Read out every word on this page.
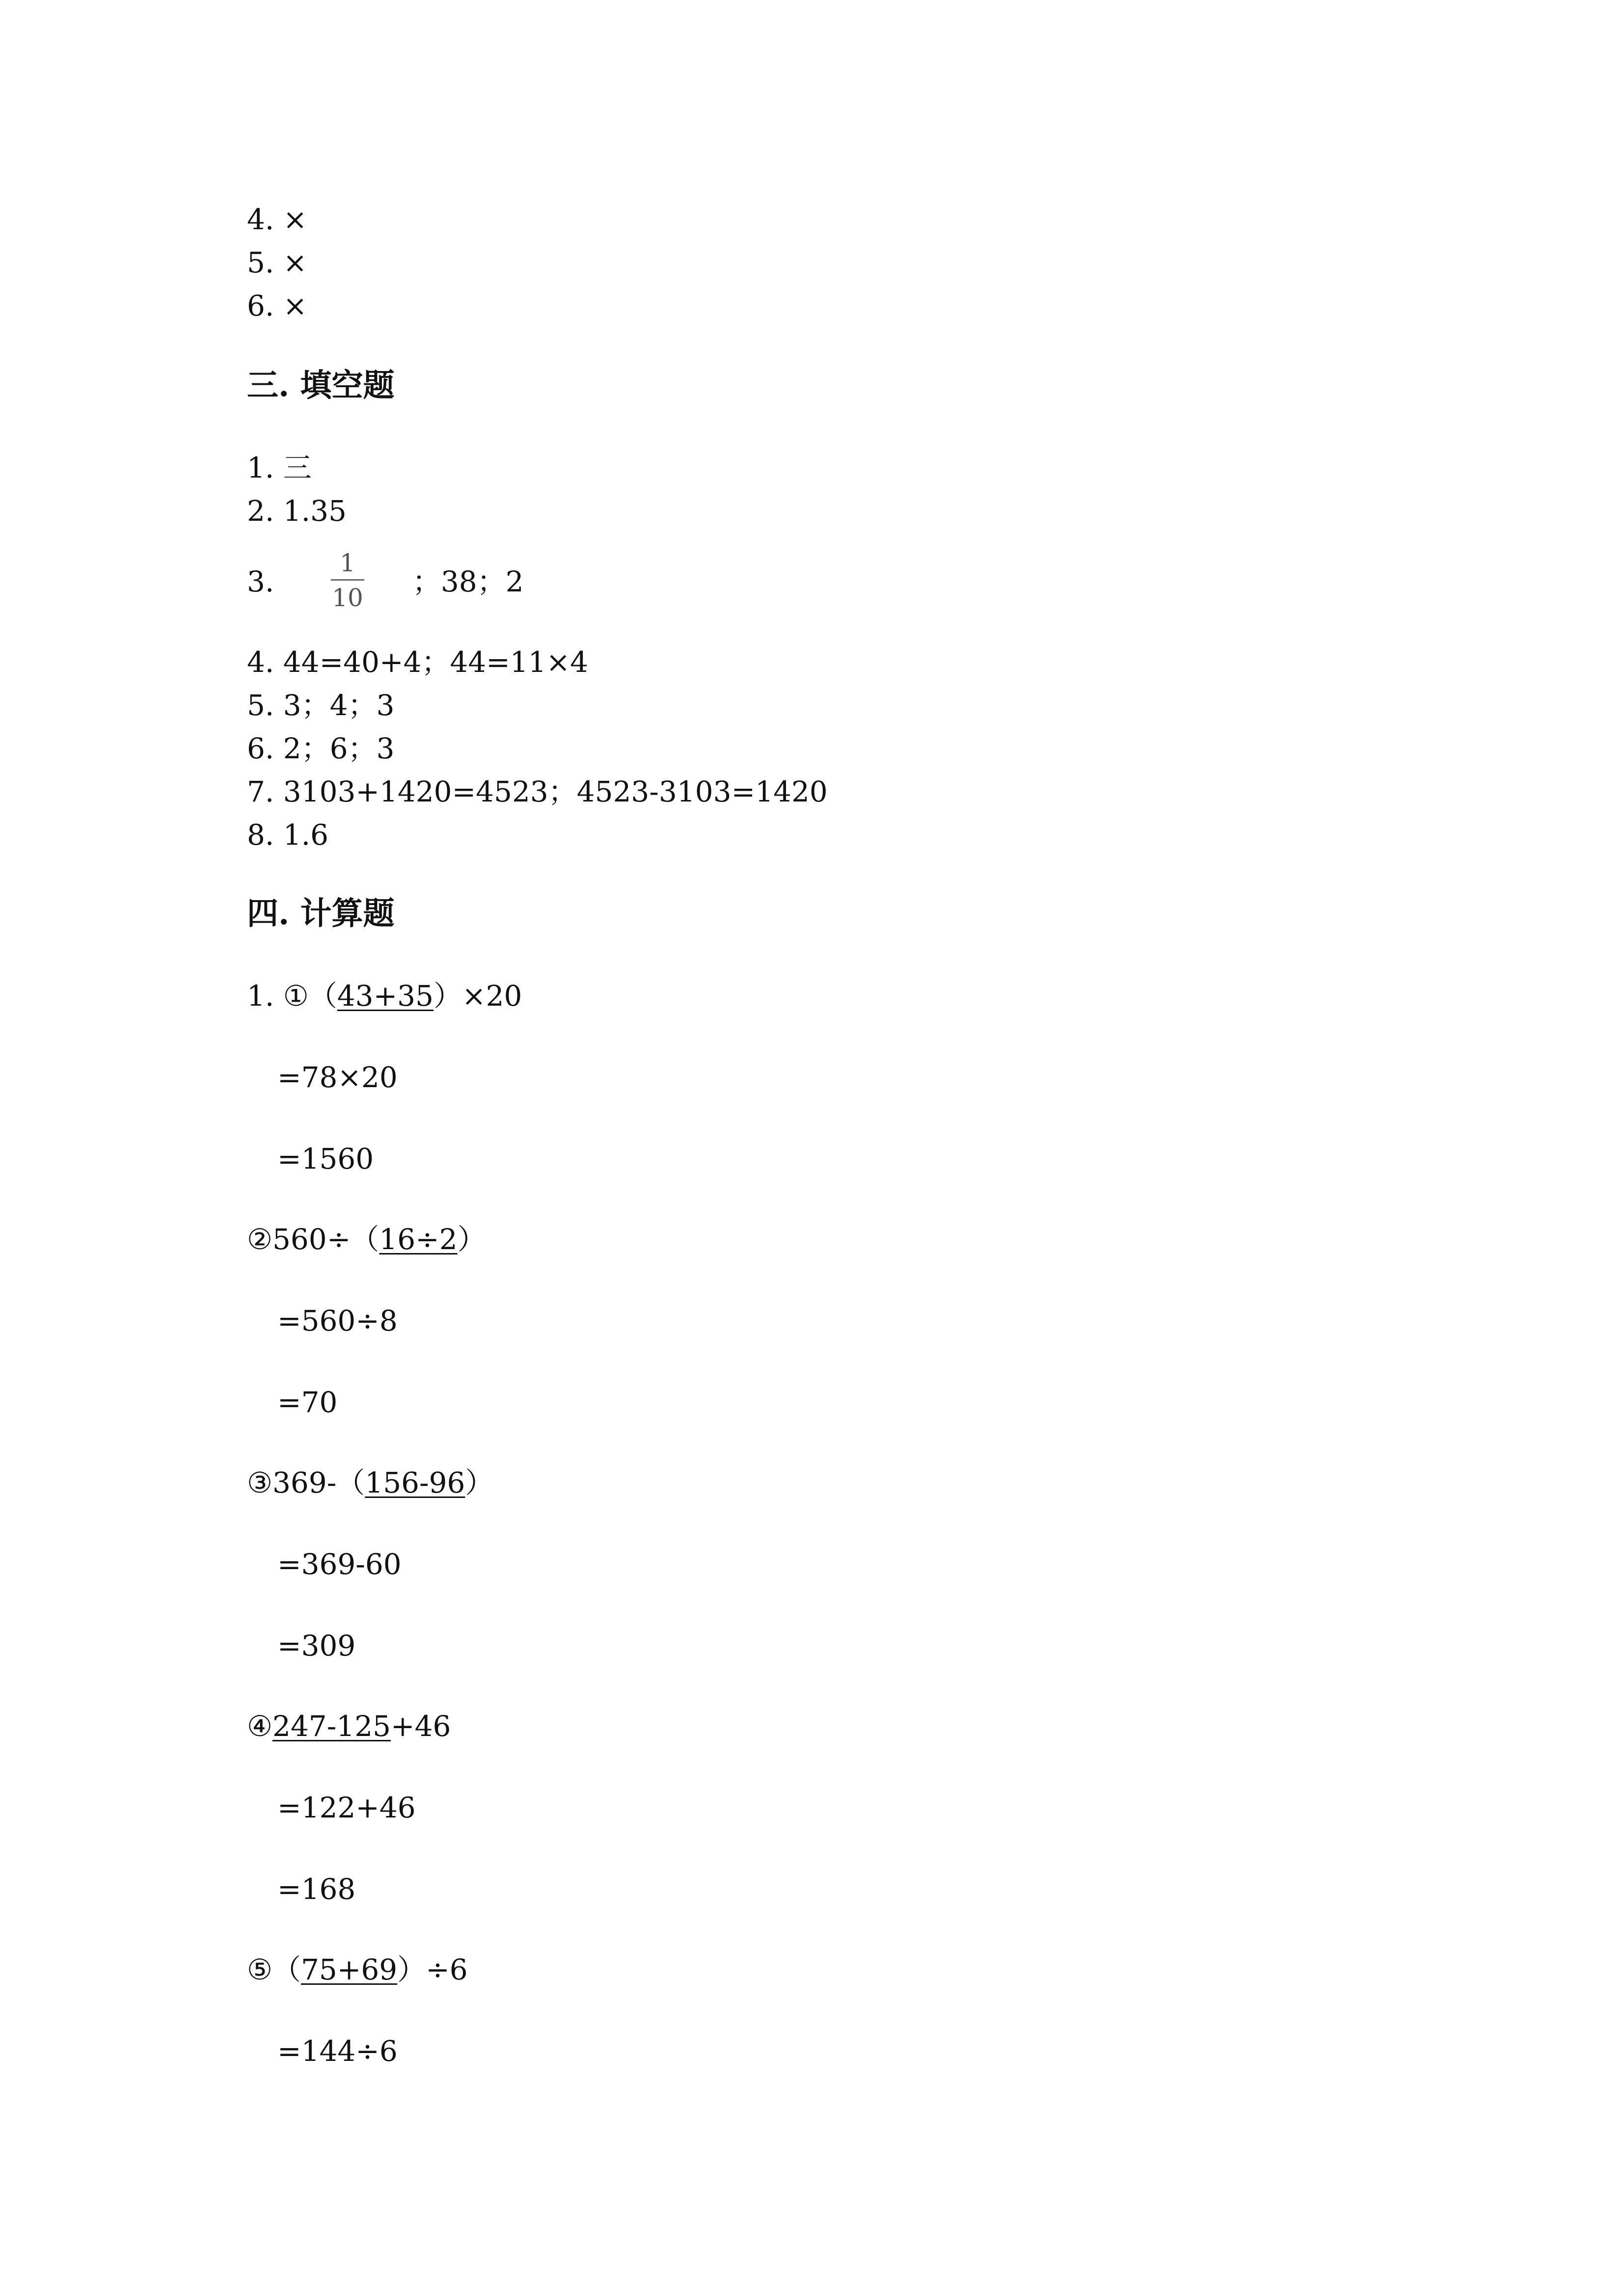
4. ×
5. ×
6. ×
三. 填空题
1. 三
2. 1.35
3.
1
10 ；38；2
4. 44=40+4；44=11×4
5. 3；4；3
6. 2；6；3
7. 3103+1420=4523；4523-3103=1420
8. 1.6
四. 计算题
1. ①（43+35）×20
=78×20
=1560
②560÷（16÷2）
=560÷8
=70
③369-（156-96）
=369-60
=309
④247-125+46
=122+46
=168
⑤（75+69）÷6
=144÷6
